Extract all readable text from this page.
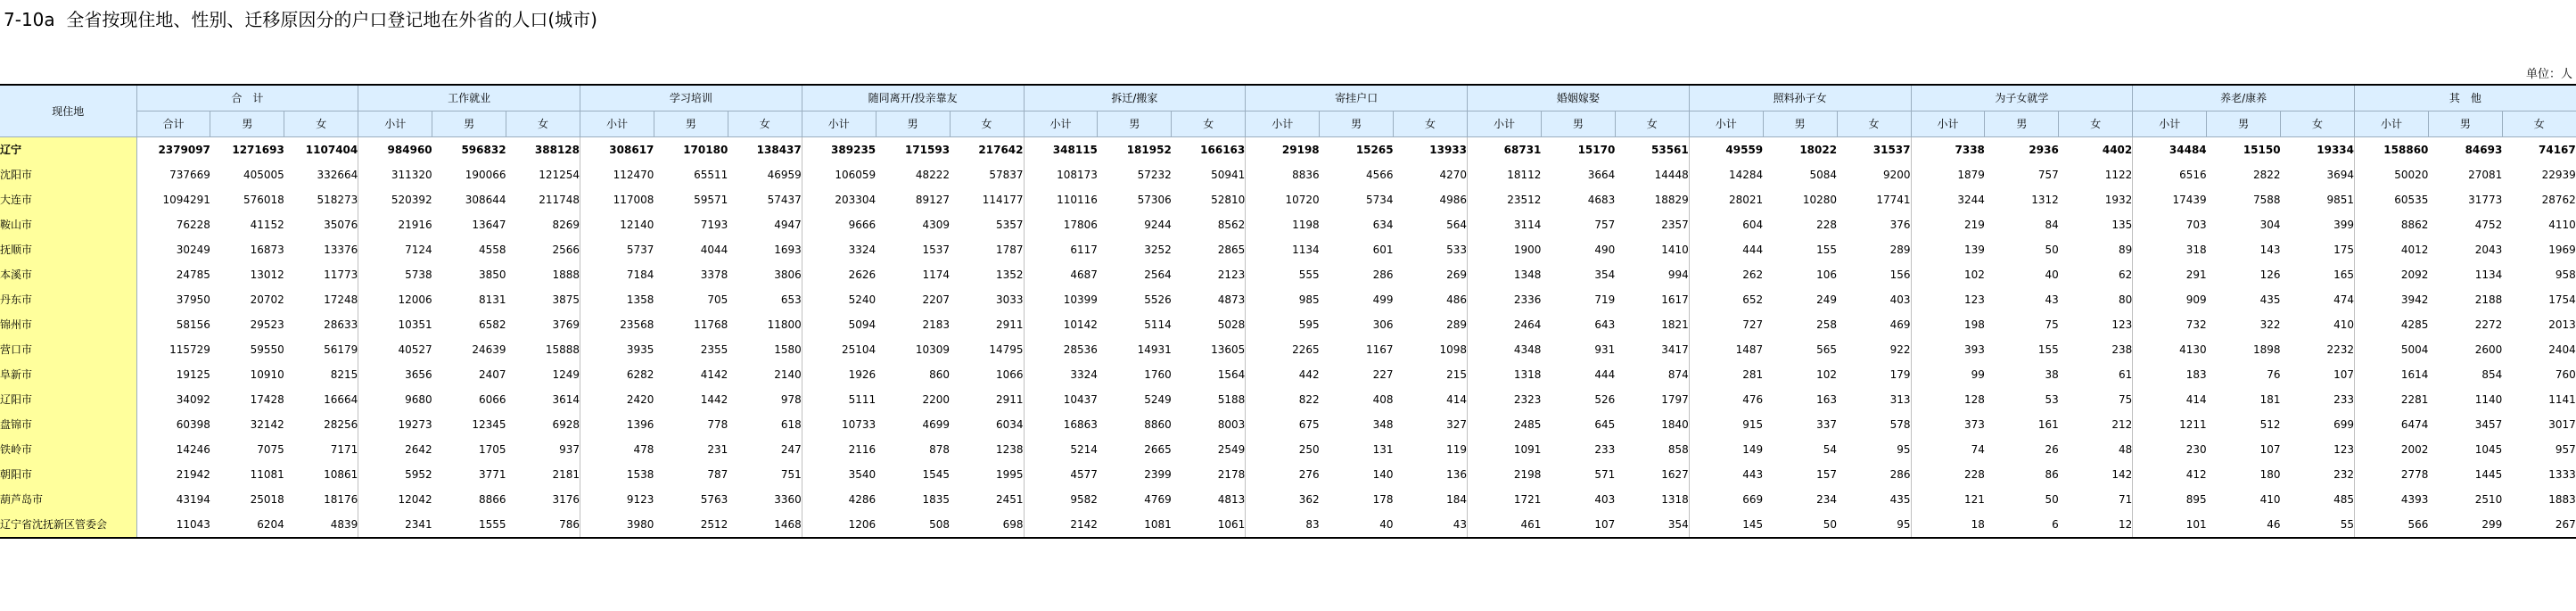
7-10a  全省按现住地、性别、迁移原因分的户口登记地在外省的人口(城市)
单位：人
现住地	合　计			工作就业			学习培训			随同离开/投亲靠友			拆迁/搬家			寄挂户口			婚姻嫁娶			照料孙子女			为子女就学			养老/康养			其　他		
	合计	男	女	小计	男	女	小计	男	女	小计	男	女	小计	男	女	小计	男	女	小计	男	女	小计	男	女	小计	男	女	小计	男	女	小计	男	女
辽宁	2379097	1271693	1107404	984960	596832	388128	308617	170180	138437	389235	171593	217642	348115	181952	166163	29198	15265	13933	68731	15170	53561	49559	18022	31537	7338	2936	4402	34484	15150	19334	158860	84693	74167
沈阳市	737669	405005	332664	311320	190066	121254	112470	65511	46959	106059	48222	57837	108173	57232	50941	8836	4566	4270	18112	3664	14448	14284	5084	9200	1879	757	1122	6516	2822	3694	50020	27081	22939
大连市	1094291	576018	518273	520392	308644	211748	117008	59571	57437	203304	89127	114177	110116	57306	52810	10720	5734	4986	23512	4683	18829	28021	10280	17741	3244	1312	1932	17439	7588	9851	60535	31773	28762
鞍山市	76228	41152	35076	21916	13647	8269	12140	7193	4947	9666	4309	5357	17806	9244	8562	1198	634	564	3114	757	2357	604	228	376	219	84	135	703	304	399	8862	4752	4110
抚顺市	30249	16873	13376	7124	4558	2566	5737	4044	1693	3324	1537	1787	6117	3252	2865	1134	601	533	1900	490	1410	444	155	289	139	50	89	318	143	175	4012	2043	1969
本溪市	24785	13012	11773	5738	3850	1888	7184	3378	3806	2626	1174	1352	4687	2564	2123	555	286	269	1348	354	994	262	106	156	102	40	62	291	126	165	2092	1134	958
丹东市	37950	20702	17248	12006	8131	3875	1358	705	653	5240	2207	3033	10399	5526	4873	985	499	486	2336	719	1617	652	249	403	123	43	80	909	435	474	3942	2188	1754
锦州市	58156	29523	28633	10351	6582	3769	23568	11768	11800	5094	2183	2911	10142	5114	5028	595	306	289	2464	643	1821	727	258	469	198	75	123	732	322	410	4285	2272	2013
营口市	115729	59550	56179	40527	24639	15888	3935	2355	1580	25104	10309	14795	28536	14931	13605	2265	1167	1098	4348	931	3417	1487	565	922	393	155	238	4130	1898	2232	5004	2600	2404
阜新市	19125	10910	8215	3656	2407	1249	6282	4142	2140	1926	860	1066	3324	1760	1564	442	227	215	1318	444	874	281	102	179	99	38	61	183	76	107	1614	854	760
辽阳市	34092	17428	16664	9680	6066	3614	2420	1442	978	5111	2200	2911	10437	5249	5188	822	408	414	2323	526	1797	476	163	313	128	53	75	414	181	233	2281	1140	1141
盘锦市	60398	32142	28256	19273	12345	6928	1396	778	618	10733	4699	6034	16863	8860	8003	675	348	327	2485	645	1840	915	337	578	373	161	212	1211	512	699	6474	3457	3017
铁岭市	14246	7075	7171	2642	1705	937	478	231	247	2116	878	1238	5214	2665	2549	250	131	119	1091	233	858	149	54	95	74	26	48	230	107	123	2002	1045	957
朝阳市	21942	11081	10861	5952	3771	2181	1538	787	751	3540	1545	1995	4577	2399	2178	276	140	136	2198	571	1627	443	157	286	228	86	142	412	180	232	2778	1445	1333
葫芦岛市	43194	25018	18176	12042	8866	3176	9123	5763	3360	4286	1835	2451	9582	4769	4813	362	178	184	1721	403	1318	669	234	435	121	50	71	895	410	485	4393	2510	1883
辽宁省沈抚新区管委会	11043	6204	4839	2341	1555	786	3980	2512	1468	1206	508	698	2142	1081	1061	83	40	43	461	107	354	145	50	95	18	6	12	101	46	55	566	299	267
